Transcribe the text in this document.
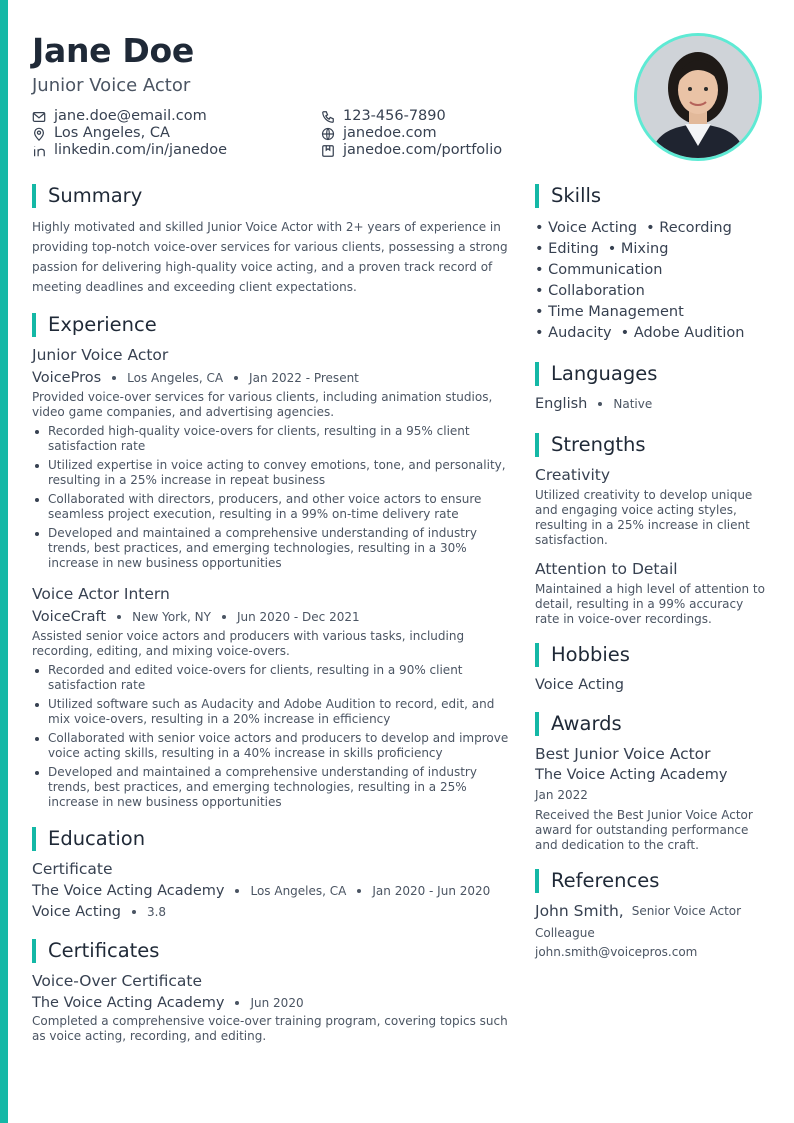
Jane Doe
Junior Voice Actor
jane.doe@email.com	123-456-7890
Los Angeles, CA	janedoe.com
linkedin.com/in/janedoe	janedoe.com/portfolio
Summary
Highly motivated and skilled Junior Voice Actor with 2+ years of experience in providing top-notch voice-over services for various clients, possessing a strong passion for delivering high-quality voice acting, and a proven track record of meeting deadlines and exceeding client expectations.
Experience
Junior Voice Actor
VoicePros Los Angeles, CA Jan 2022 - Present
Provided voice-over services for various clients, including animation studios, video game companies, and advertising agencies.
Recorded high-quality voice-overs for clients, resulting in a 95% client satisfaction rate
Utilized expertise in voice acting to convey emotions, tone, and personality, resulting in a 25% increase in repeat business
Collaborated with directors, producers, and other voice actors to ensure seamless project execution, resulting in a 99% on-time delivery rate
Developed and maintained a comprehensive understanding of industry trends, best practices, and emerging technologies, resulting in a 30% increase in new business opportunities
Voice Actor Intern
VoiceCraft New York, NY Jun 2020 - Dec 2021
Assisted senior voice actors and producers with various tasks, including recording, editing, and mixing voice-overs.
Recorded and edited voice-overs for clients, resulting in a 90% client satisfaction rate
Utilized software such as Audacity and Adobe Audition to record, edit, and mix voice-overs, resulting in a 20% increase in efficiency
Collaborated with senior voice actors and producers to develop and improve voice acting skills, resulting in a 40% increase in skills proficiency
Developed and maintained a comprehensive understanding of industry trends, best practices, and emerging technologies, resulting in a 25% increase in new business opportunities
Education
Certificate
The Voice Acting Academy Los Angeles, CA Jan 2020 - Jun 2020
Voice Acting 3.8
Certificates
Voice-Over Certificate
The Voice Acting Academy Jun 2020
Completed a comprehensive voice-over training program, covering topics such as voice acting, recording, and editing.
Skills
• Voice Acting • Recording
• Editing • Mixing
• Communication
• Collaboration
• Time Management
• Audacity • Adobe Audition
Languages
English Native
Strengths
Creativity
Utilized creativity to develop unique and engaging voice acting styles, resulting in a 25% increase in client satisfaction.
Attention to Detail
Maintained a high level of attention to detail, resulting in a 99% accuracy rate in voice-over recordings.
Hobbies
Voice Acting
Awards
Best Junior Voice Actor
The Voice Acting Academy
Jan 2022
Received the Best Junior Voice Actor award for outstanding performance and dedication to the craft.
References
John Smith, Senior Voice Actor
Colleague
john.smith@voicepros.com
